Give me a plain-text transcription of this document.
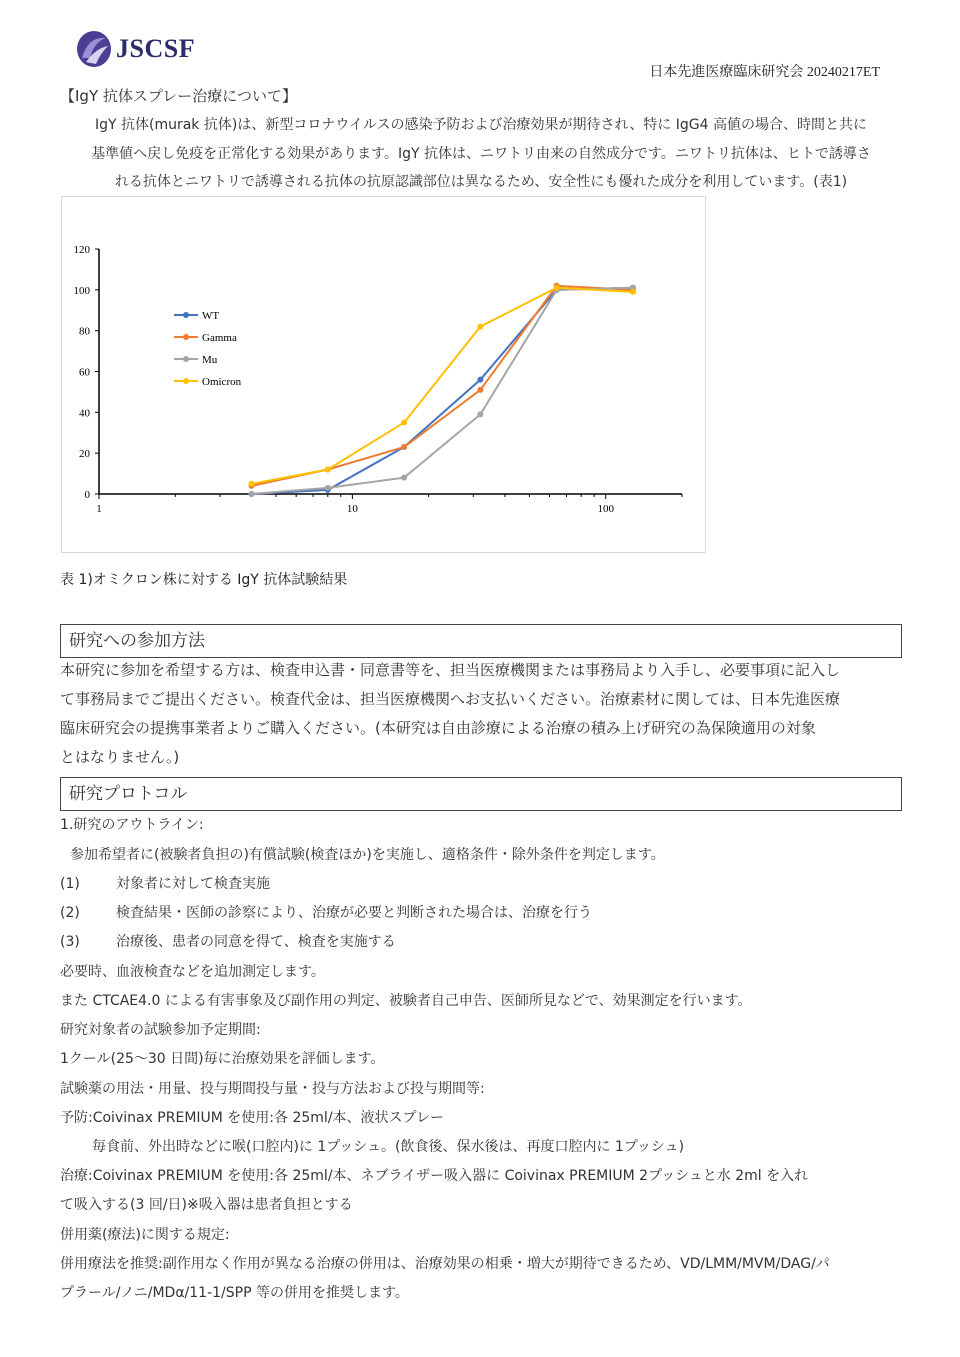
JSCSF
日本先進医療臨床研究会 20240217ET
【IgY 抗体スプレー治療について】
IgY 抗体(murak 抗体)は、新型コロナウイルスの感染予防および治療効果が期待され、特に IgG4 高値の場合、時間と共に
基準値へ戻し免疫を正常化する効果があります。IgY 抗体は、ニワトリ由来の自然成分です。ニワトリ抗体は、ヒトで誘導さ
れる抗体とニワトリで誘導される抗体の抗原認識部位は異なるため、安全性にも優れた成分を利用しています。(表1)
0
20
40
60
80
100
120
1	10	100
WT
Gamma
Mu
Omicron
表 1)オミクロン株に対する IgY 抗体試験結果
研究への参加方法
本研究に参加を希望する方は、検査申込書・同意書等を、担当医療機関または事務局より入手し、必要事項に記入し
て事務局までご提出ください。検査代金は、担当医療機関へお支払いください。治療素材に関しては、日本先進医療
臨床研究会の提携事業者よりご購入ください。(本研究は自由診療による治療の積み上げ研究の為保険適用の対象
とはなりません。)
研究プロトコル
1.研究のアウトライン:
参加希望者に(被験者負担の)有償試験(検査ほか)を実施し、適格条件・除外条件を判定します。
(1)	対象者に対して検査実施
(2)	検査結果・医師の診察により、治療が必要と判断された場合は、治療を行う
(3)	治療後、患者の同意を得て、検査を実施する
必要時、血液検査などを追加測定します。
また CTCAE4.0 による有害事象及び副作用の判定、被験者自己申告、医師所見などで、効果測定を行います。
研究対象者の試験参加予定期間:
1クール(25～30 日間)毎に治療効果を評価します。
試験薬の用法・用量、投与期間投与量・投与方法および投与期間等:
予防:Coivinax PREMIUM を使用:各 25ml/本、液状スプレー
毎食前、外出時などに喉(口腔内)に 1プッシュ。(飲食後、保水後は、再度口腔内に 1プッシュ)
治療:Coivinax PREMIUM を使用:各 25ml/本、ネブライザー吸入器に Coivinax PREMIUM 2プッシュと水 2ml を入れ
て吸入する(3 回/日)※吸入器は患者負担とする
併用薬(療法)に関する規定:
併用療法を推奨:副作用なく作用が異なる治療の併用は、治療効果の相乗・増大が期待できるため、VD/LMM/MVM/DAG/パ
プラール/ノニ/MDα/11-1/SPP 等の併用を推奨します。
